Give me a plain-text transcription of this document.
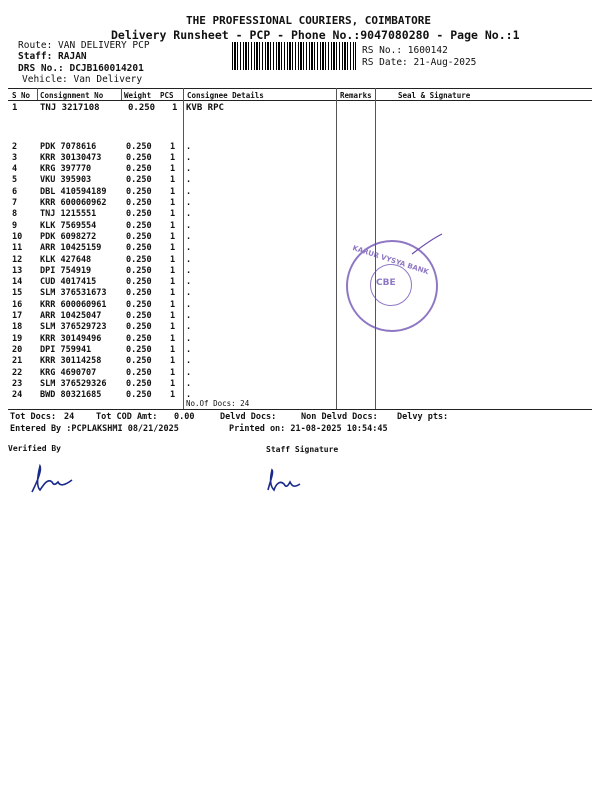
THE PROFESSIONAL COURIERS, COIMBATORE
Delivery Runsheet - PCP - Phone No.:9047080280 - Page No.:1
Route: VAN DELIVERY PCP
Staff: RAJAN
DRS No.: DCJB160014201
Vehicle: Van Delivery
RS No.: 1600142
RS Date: 21-Aug-2025
S No Consignment No	Weight PCS Consignee Details	Remarks	Seal & Signature
1	TNJ 3217108	0.250 1 KVB RPC
2	PDK 7078616	0.250 1 .
3	KRR 30130473	0.250 1 .
4	KRG 397770	0.250 1 .
5	VKU 395903	0.250 1 .
6	DBL 410594189 0.250 1 .
7	KRR 600060962 0.250 1 .
8	TNJ 1215551	0.250 1 .
9	KLK 7569554	0.250 1 .
10 PDK 6098272	0.250 1 .
11 ARR 10425159	0.250 1 .
12 KLK 427648	0.250 1 .
13 DPI 754919	0.250 1 .
14 CUD 4017415	0.250 1 .
15 SLM 376531673 0.250 1 .
16 KRR 600060961 0.250 1 .
17 ARR 10425047	0.250 1 .
18 SLM 376529723 0.250 1 .
19 KRR 30149496	0.250 1 .
20 DPI 759941	0.250 1 .
21 KRR 30114258	0.250 1 .
22 KRG 4690707	0.250 1 .
23 SLM 376529326 0.250 1 .
24 BWD 80321685	0.250 1 .
No.Of Docs: 24
Tot Docs: 24	Tot COD Amt: 0.00	Delvd Docs:	Non Delvd Docs: Delvy pts:
Entered By :PCPLAKSHMI 08/21/2025	Printed on: 21-08-2025 10:54:45
Verified By	Staff Signature
CBE
KARUR VYSYA BANK
